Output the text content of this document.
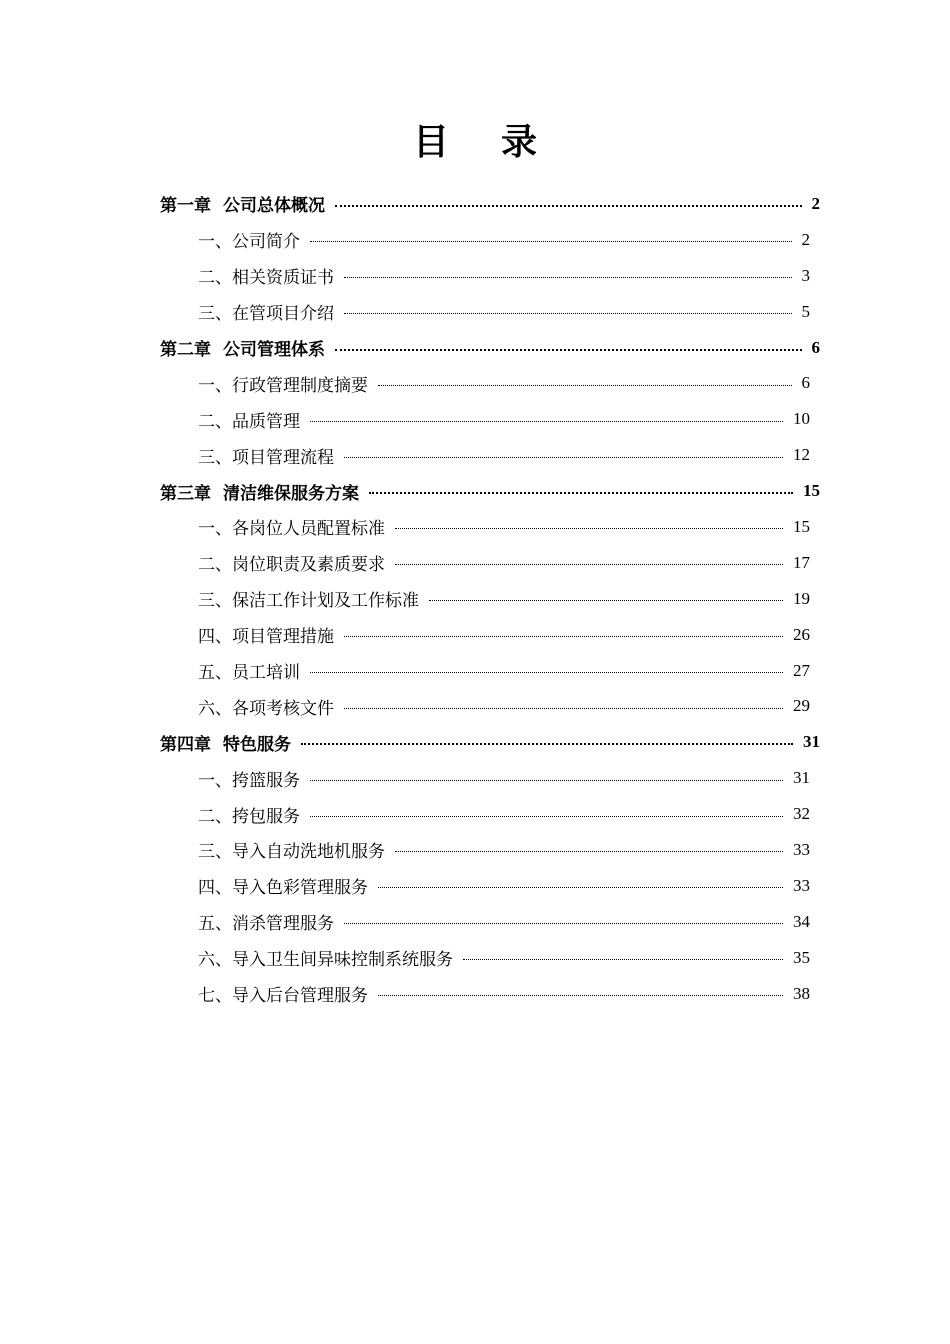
目 录
第一章 公司总体概况	2
一、公司简介	2
二、相关资质证书	3
三、在管项目介绍	5
第二章 公司管理体系	6
一、行政管理制度摘要	6
二、品质管理	10
三、项目管理流程	12
第三章 清洁维保服务方案	15
一、各岗位人员配置标准	15
二、岗位职责及素质要求	17
三、保洁工作计划及工作标准	19
四、项目管理措施	26
五、员工培训	27
六、各项考核文件	29
第四章 特色服务	31
一、挎篮服务	31
二、挎包服务	32
三、导入自动洗地机服务	33
四、导入色彩管理服务	33
五、消杀管理服务	34
六、导入卫生间异味控制系统服务	35
七、导入后台管理服务	38
